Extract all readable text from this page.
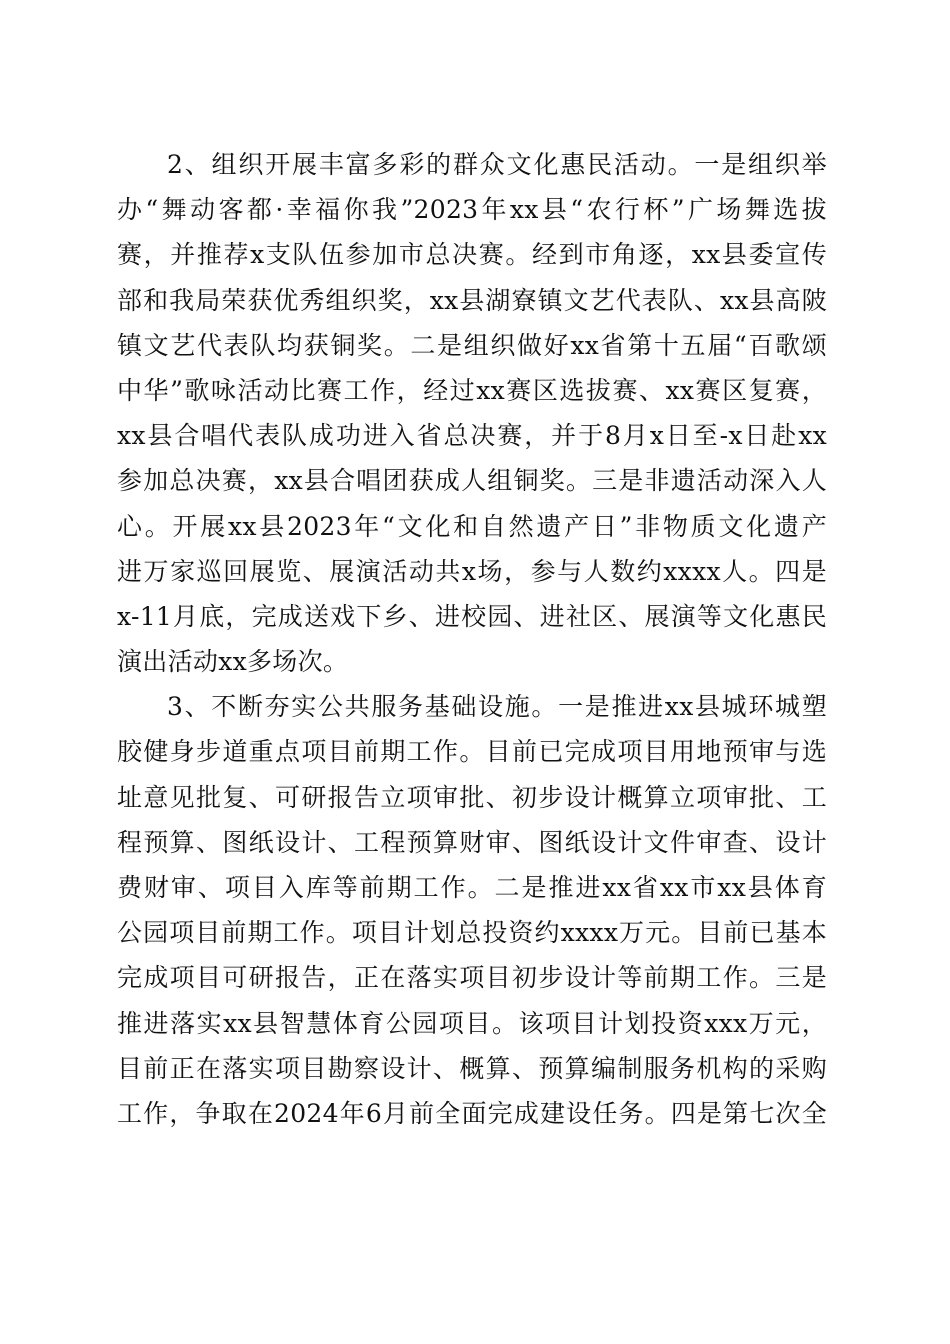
2、组织开展丰富多彩的群众文化惠民活动。一是组织举
办“舞动客都·幸福你我”2023年xx县“农行杯”广场舞选拔
赛，并推荐x支队伍参加市总决赛。经到市角逐，xx县委宣传
部和我局荣获优秀组织奖，xx县湖寮镇文艺代表队、xx县高陂
镇文艺代表队均获铜奖。二是组织做好xx省第十五届“百歌颂
中华”歌咏活动比赛工作，经过xx赛区选拔赛、xx赛区复赛，
xx县合唱代表队成功进入省总决赛，并于8月x日至-x日赴xx
参加总决赛，xx县合唱团获成人组铜奖。三是非遗活动深入人
心。开展xx县2023年“文化和自然遗产日”非物质文化遗产
进万家巡回展览、展演活动共x场，参与人数约xxxx人。四是
x-11月底，完成送戏下乡、进校园、进社区、展演等文化惠民
演出活动xx多场次。
3、不断夯实公共服务基础设施。一是推进xx县城环城塑
胶健身步道重点项目前期工作。目前已完成项目用地预审与选
址意见批复、可研报告立项审批、初步设计概算立项审批、工
程预算、图纸设计、工程预算财审、图纸设计文件审查、设计
费财审、项目入库等前期工作。二是推进xx省xx市xx县体育
公园项目前期工作。项目计划总投资约xxxx万元。目前已基本
完成项目可研报告，正在落实项目初步设计等前期工作。三是
推进落实xx县智慧体育公园项目。该项目计划投资xxx万元，
目前正在落实项目勘察设计、概算、预算编制服务机构的采购
工作，争取在2024年6月前全面完成建设任务。四是第七次全
